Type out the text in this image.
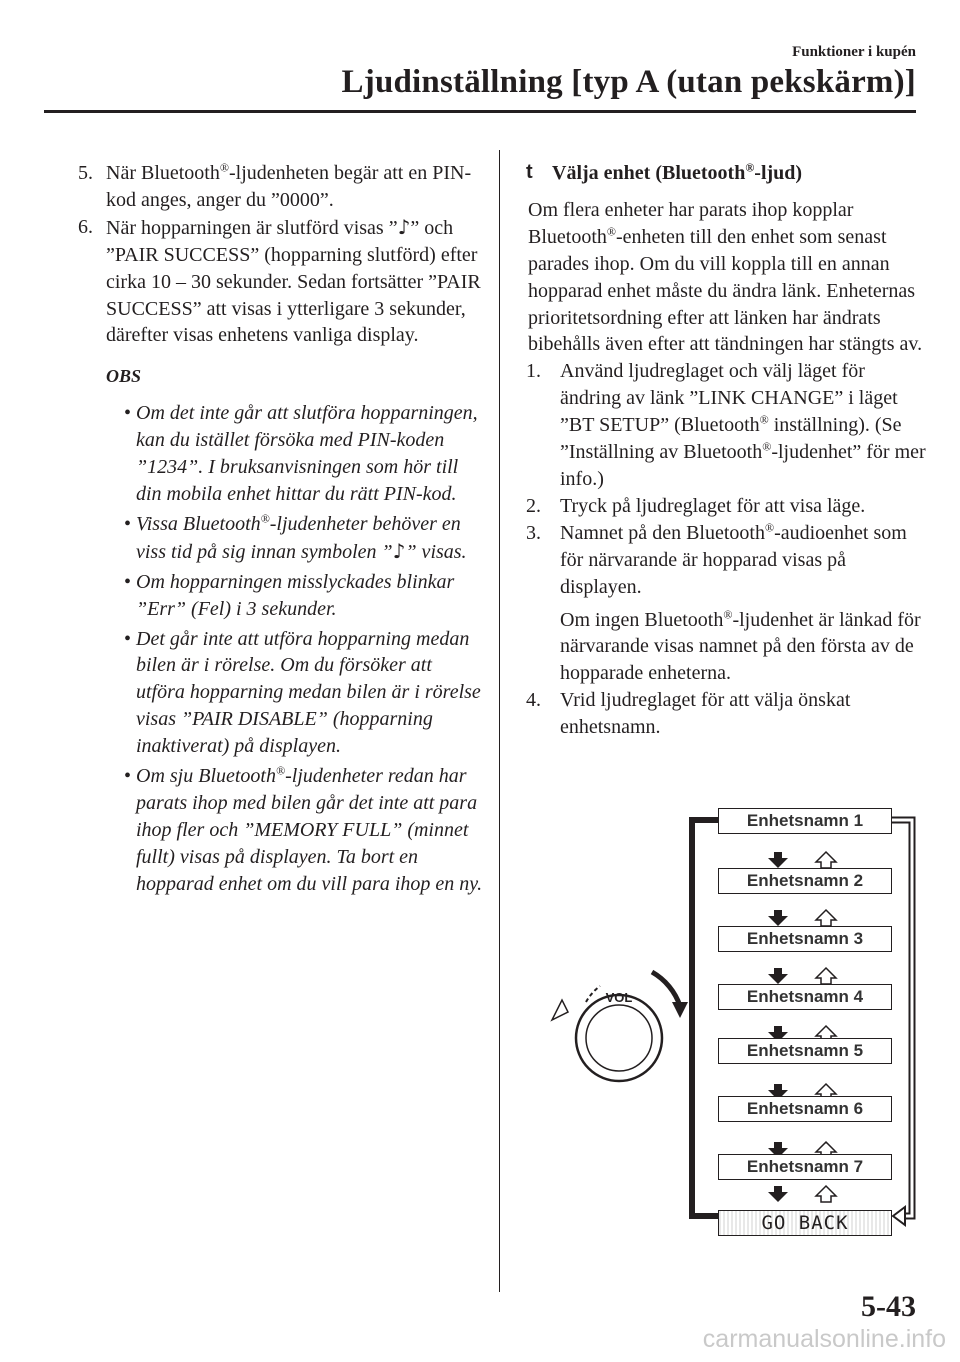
Funktioner i kupén
Ljudinställning [typ A (utan pekskärm)]
5. När Bluetooth®-ljudenheten begär att en PIN-kod anges, anger du ”0000”.
6. När hopparningen är slutförd visas ”♪” och ”PAIR SUCCESS” (hopparning slutförd) efter cirka 10 – 30 sekunder. Sedan fortsätter ”PAIR SUCCESS” att visas i ytterligare 3 sekunder, därefter visas enhetens vanliga display.
OBS
• Om det inte går att slutföra hopparningen, kan du istället försöka med PIN-koden ”1234”. I bruksanvisningen som hör till din mobila enhet hittar du rätt PIN-kod.
• Vissa Bluetooth®-ljudenheter behöver en viss tid på sig innan symbolen ”♪” visas.
• Om hopparningen misslyckades blinkar ”Err” (Fel) i 3 sekunder.
• Det går inte att utföra hopparning medan bilen är i rörelse. Om du försöker att utföra hopparning medan bilen är i rörelse visas ”PAIR DISABLE” (hopparning inaktiverat) på displayen.
• Om sju Bluetooth®-ljudenheter redan har parats ihop med bilen går det inte att para ihop fler och ”MEMORY FULL” (minnet fullt) visas på displayen. Ta bort en hopparad enhet om du vill para ihop en ny.
t Välja enhet (Bluetooth®-ljud)
Om flera enheter har parats ihop kopplar Bluetooth®-enheten till den enhet som senast parades ihop. Om du vill koppla till en annan hopparad enhet måste du ändra länk. Enheternas prioritetsordning efter att länken har ändrats bibehålls även efter att tändningen har stängts av.
1. Använd ljudreglaget och välj läget för ändring av länk ”LINK CHANGE” i läget ”BT SETUP” (Bluetooth® inställning). (Se ”Inställning av Bluetooth®-ljudenhet” för mer info.)
2. Tryck på ljudreglaget för att visa läge.
3. Namnet på den Bluetooth®-audioenhet som för närvarande är hopparad visas på displayen.
Om ingen Bluetooth®-ljudenhet är länkad för närvarande visas namnet på den första av de hopparade enheterna.
4. Vrid ljudreglaget för att välja önskat enhetsnamn.
VOL
Enhetsnamn 1
Enhetsnamn 2
Enhetsnamn 3
Enhetsnamn 4
Enhetsnamn 5
Enhetsnamn 6
Enhetsnamn 7
GO BACK
5-43
carmanualsonline.info
